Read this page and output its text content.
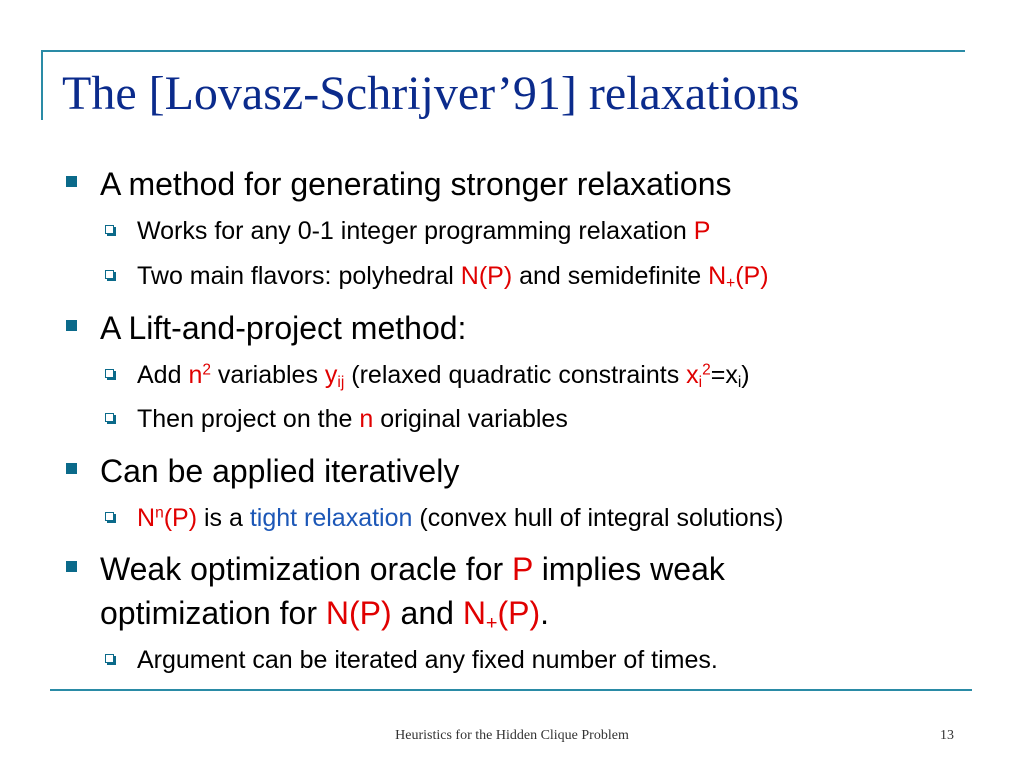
The [Lovasz-Schrijver’91] relaxations
A method for generating stronger relaxations
Works for any 0-1 integer programming relaxation P
Two main flavors: polyhedral N(P) and semidefinite $N_+(P)$
A Lift-and-project method:
Add $n^2$ variables $y_{ij}$ (relaxed quadratic constraints $x_i^2=x_i$)
Then project on the n original variables
Can be applied iteratively
$N^n(P)$ is a tight relaxation (convex hull of integral solutions)
Weak optimization oracle for P implies weak
optimization for N(P) and $N_+(P)$.
Argument can be iterated any fixed number of times.
Heuristics for the Hidden Clique Problem	13
